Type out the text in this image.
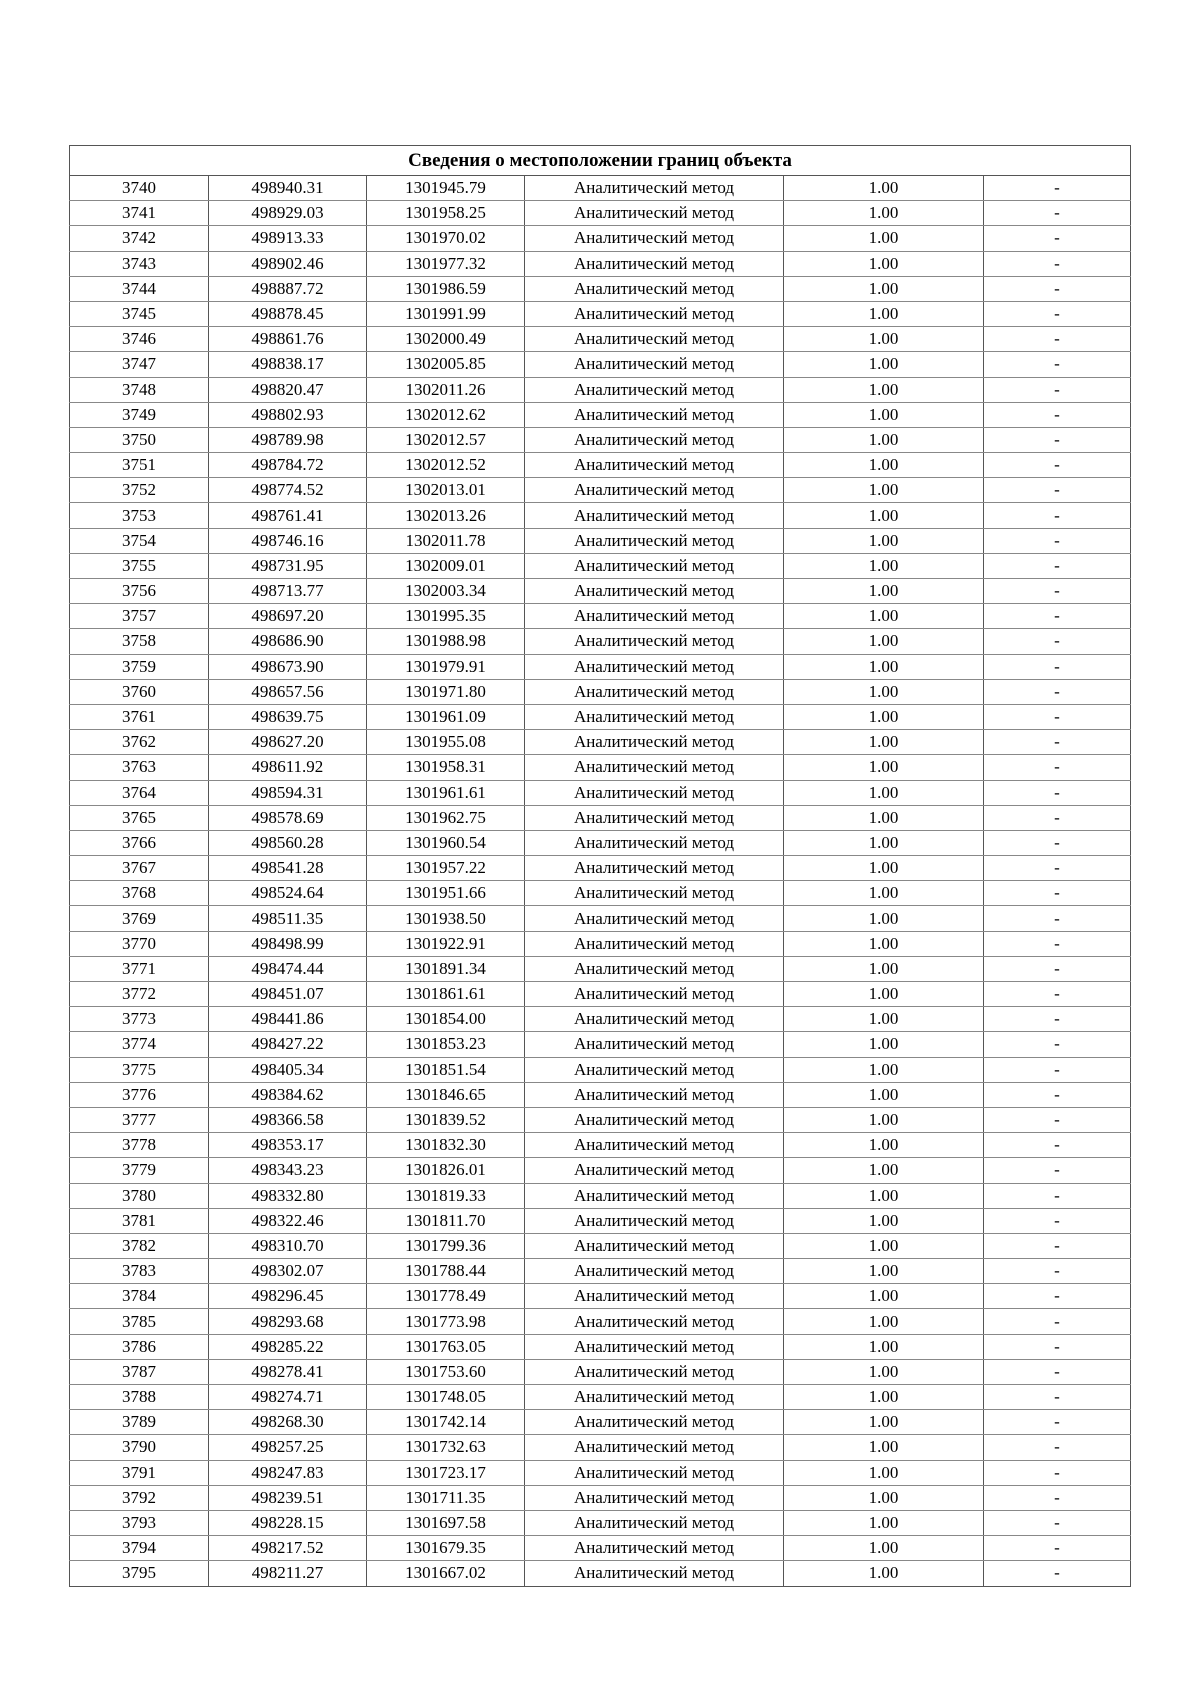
Сведения о местоположении границ объекта					
3740	498940.31	1301945.79	Аналитический метод	1.00	-
3741	498929.03	1301958.25	Аналитический метод	1.00	-
3742	498913.33	1301970.02	Аналитический метод	1.00	-
3743	498902.46	1301977.32	Аналитический метод	1.00	-
3744	498887.72	1301986.59	Аналитический метод	1.00	-
3745	498878.45	1301991.99	Аналитический метод	1.00	-
3746	498861.76	1302000.49	Аналитический метод	1.00	-
3747	498838.17	1302005.85	Аналитический метод	1.00	-
3748	498820.47	1302011.26	Аналитический метод	1.00	-
3749	498802.93	1302012.62	Аналитический метод	1.00	-
3750	498789.98	1302012.57	Аналитический метод	1.00	-
3751	498784.72	1302012.52	Аналитический метод	1.00	-
3752	498774.52	1302013.01	Аналитический метод	1.00	-
3753	498761.41	1302013.26	Аналитический метод	1.00	-
3754	498746.16	1302011.78	Аналитический метод	1.00	-
3755	498731.95	1302009.01	Аналитический метод	1.00	-
3756	498713.77	1302003.34	Аналитический метод	1.00	-
3757	498697.20	1301995.35	Аналитический метод	1.00	-
3758	498686.90	1301988.98	Аналитический метод	1.00	-
3759	498673.90	1301979.91	Аналитический метод	1.00	-
3760	498657.56	1301971.80	Аналитический метод	1.00	-
3761	498639.75	1301961.09	Аналитический метод	1.00	-
3762	498627.20	1301955.08	Аналитический метод	1.00	-
3763	498611.92	1301958.31	Аналитический метод	1.00	-
3764	498594.31	1301961.61	Аналитический метод	1.00	-
3765	498578.69	1301962.75	Аналитический метод	1.00	-
3766	498560.28	1301960.54	Аналитический метод	1.00	-
3767	498541.28	1301957.22	Аналитический метод	1.00	-
3768	498524.64	1301951.66	Аналитический метод	1.00	-
3769	498511.35	1301938.50	Аналитический метод	1.00	-
3770	498498.99	1301922.91	Аналитический метод	1.00	-
3771	498474.44	1301891.34	Аналитический метод	1.00	-
3772	498451.07	1301861.61	Аналитический метод	1.00	-
3773	498441.86	1301854.00	Аналитический метод	1.00	-
3774	498427.22	1301853.23	Аналитический метод	1.00	-
3775	498405.34	1301851.54	Аналитический метод	1.00	-
3776	498384.62	1301846.65	Аналитический метод	1.00	-
3777	498366.58	1301839.52	Аналитический метод	1.00	-
3778	498353.17	1301832.30	Аналитический метод	1.00	-
3779	498343.23	1301826.01	Аналитический метод	1.00	-
3780	498332.80	1301819.33	Аналитический метод	1.00	-
3781	498322.46	1301811.70	Аналитический метод	1.00	-
3782	498310.70	1301799.36	Аналитический метод	1.00	-
3783	498302.07	1301788.44	Аналитический метод	1.00	-
3784	498296.45	1301778.49	Аналитический метод	1.00	-
3785	498293.68	1301773.98	Аналитический метод	1.00	-
3786	498285.22	1301763.05	Аналитический метод	1.00	-
3787	498278.41	1301753.60	Аналитический метод	1.00	-
3788	498274.71	1301748.05	Аналитический метод	1.00	-
3789	498268.30	1301742.14	Аналитический метод	1.00	-
3790	498257.25	1301732.63	Аналитический метод	1.00	-
3791	498247.83	1301723.17	Аналитический метод	1.00	-
3792	498239.51	1301711.35	Аналитический метод	1.00	-
3793	498228.15	1301697.58	Аналитический метод	1.00	-
3794	498217.52	1301679.35	Аналитический метод	1.00	-
3795	498211.27	1301667.02	Аналитический метод	1.00	-
